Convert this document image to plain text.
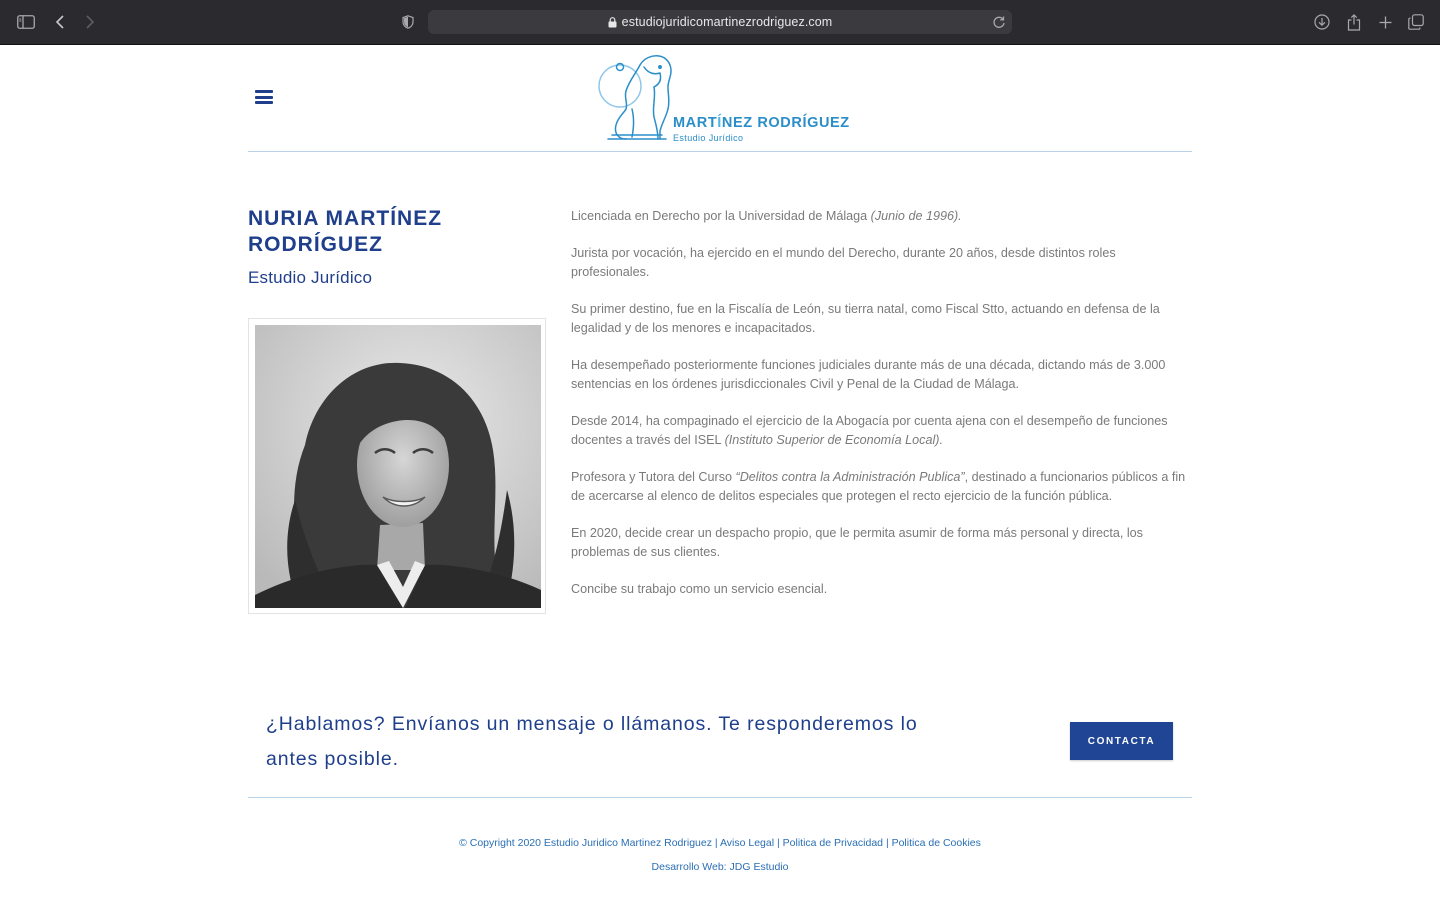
estudiojuridicomartinezrodriguez.com
MARTÍNEZ RODRÍGUEZ
Estudio Jurídico
NURIA MARTÍNEZ RODRÍGUEZ
Estudio Jurídico

Licenciada en Derecho por la Universidad de Málaga (Junio de 1996).

Jurista por vocación, ha ejercido en el mundo del Derecho, durante 20 años, desde distintos roles profesionales.

Su primer destino, fue en la Fiscalía de León, su tierra natal, como Fiscal Stto, actuando en defensa de la legalidad y de los menores e incapacitados.

Ha desempeñado posteriormente funciones judiciales durante más de una década, dictando más de 3.000 sentencias en los órdenes jurisdiccionales Civil y Penal de la Ciudad de Málaga.

Desde 2014, ha compaginado el ejercicio de la Abogacía por cuenta ajena con el desempeño de funciones docentes a través del ISEL (Instituto Superior de Economía Local).

Profesora y Tutora del Curso “Delitos contra la Administración Publica”, destinado a funcionarios públicos a fin de acercarse al elenco de delitos especiales que protegen el recto ejercicio de la función pública.

En 2020, decide crear un despacho propio, que le permita asumir de forma más personal y directa, los problemas de sus clientes.

Concibe su trabajo como un servicio esencial.

¿Hablamos? Envíanos un mensaje o llámanos. Te responderemos lo antes posible.
CONTACTA
© Copyright 2020 Estudio Juridico Martinez Rodriguez | Aviso Legal | Politica de Privacidad | Politica de Cookies
Desarrollo Web: JDG Estudio
